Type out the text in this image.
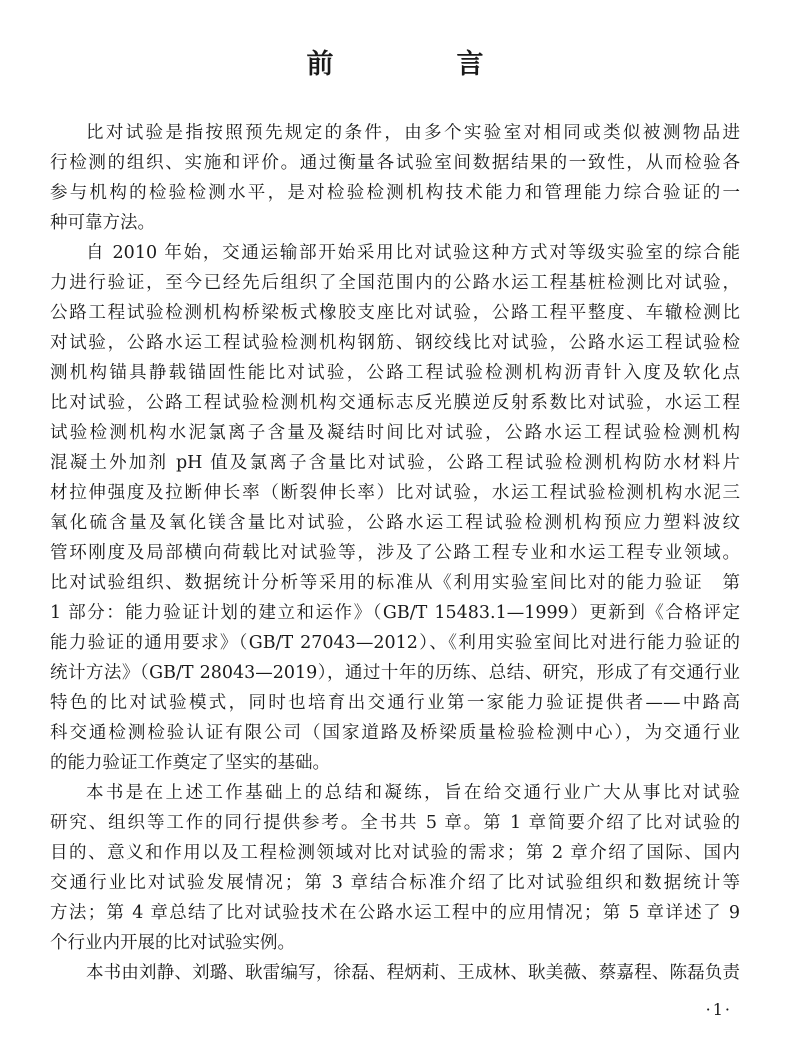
前　言
比对试验是指按照预先规定的条件，由多个实验室对相同或类似被测物品进
行检测的组织、实施和评价。通过衡量各试验室间数据结果的一致性，从而检验各
参与机构的检验检测水平，是对检验检测机构技术能力和管理能力综合验证的一
种可靠方法。
自 2010 年始，交通运输部开始采用比对试验这种方式对等级实验室的综合能
力进行验证，至今已经先后组织了全国范围内的公路水运工程基桩检测比对试验，
公路工程试验检测机构桥梁板式橡胶支座比对试验，公路工程平整度、车辙检测比
对试验，公路水运工程试验检测机构钢筋、钢绞线比对试验，公路水运工程试验检
测机构锚具静载锚固性能比对试验，公路工程试验检测机构沥青针入度及软化点
比对试验，公路工程试验检测机构交通标志反光膜逆反射系数比对试验，水运工程
试验检测机构水泥氯离子含量及凝结时间比对试验，公路水运工程试验检测机构
混凝土外加剂 pH 值及氯离子含量比对试验，公路工程试验检测机构防水材料片
材拉伸强度及拉断伸长率（断裂伸长率）比对试验，水运工程试验检测机构水泥三
氧化硫含量及氧化镁含量比对试验，公路水运工程试验检测机构预应力塑料波纹
管环刚度及局部横向荷载比对试验等，涉及了公路工程专业和水运工程专业领域。
比对试验组织、数据统计分析等采用的标准从《利用实验室间比对的能力验证　第
1 部分：能力验证计划的建立和运作》（GB/T 15483.1—1999）更新到《合格评定
能力验证的通用要求》（GB/T 27043—2012）、《利用实验室间比对进行能力验证的
统计方法》（GB/T 28043—2019），通过十年的历练、总结、研究，形成了有交通行业
特色的比对试验模式，同时也培育出交通行业第一家能力验证提供者——中路高
科交通检测检验认证有限公司（国家道路及桥梁质量检验检测中心），为交通行业
的能力验证工作奠定了坚实的基础。
本书是在上述工作基础上的总结和凝练，旨在给交通行业广大从事比对试验
研究、组织等工作的同行提供参考。全书共 5 章。第 1 章简要介绍了比对试验的
目的、意义和作用以及工程检测领域对比对试验的需求；第 2 章介绍了国际、国内
交通行业比对试验发展情况；第 3 章结合标准介绍了比对试验组织和数据统计等
方法；第 4 章总结了比对试验技术在公路水运工程中的应用情况；第 5 章详述了 9
个行业内开展的比对试验实例。
本书由刘静、刘璐、耿雷编写，徐磊、程炳莉、王成林、耿美薇、蔡嘉程、陈磊负责
·1·
